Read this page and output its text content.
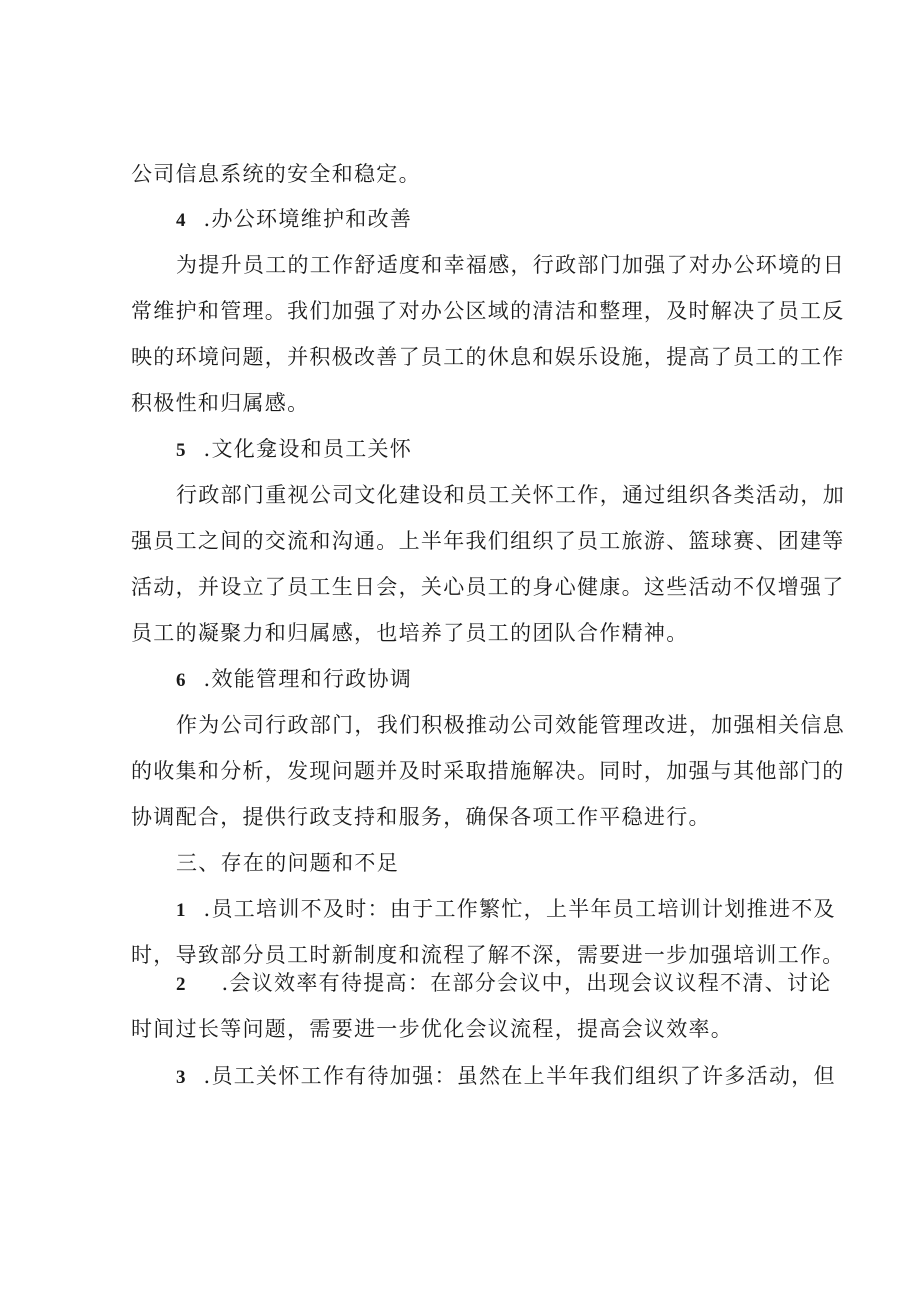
公司信息系统的安全和稳定。
4 .办公环境维护和改善
为提升员工的工作舒适度和幸福感，行政部门加强了对办公环境的日
常维护和管理。我们加强了对办公区域的清洁和整理，及时解决了员工反
映的环境问题，并积极改善了员工的休息和娱乐设施，提高了员工的工作
积极性和归属感。
5 .文化龛设和员工关怀
行政部门重视公司文化建设和员工关怀工作，通过组织各类活动，加
强员工之间的交流和沟通。上半年我们组织了员工旅游、篮球赛、团建等
活动，并设立了员工生日会，关心员工的身心健康。这些活动不仅增强了
员工的凝聚力和归属感，也培养了员工的团队合作精神。
6 .效能管理和行政协调
作为公司行政部门，我们积极推动公司效能管理改进，加强相关信息
的收集和分析，发现问题并及时采取措施解决。同时，加强与其他部门的
协调配合，提供行政支持和服务，确保各项工作平稳进行。
三、存在的问题和不足
1 .员工培训不及时：由于工作繁忙，上半年员工培训计划推进不及
时，导致部分员工时新制度和流程了解不深，需要进一步加强培训工作。
2 .会议效率有待提高：在部分会议中，出现会议议程不清、讨论
时间过长等问题，需要进一步优化会议流程，提高会议效率。
3 .员工关怀工作有待加强：虽然在上半年我们组织了许多活动，但
